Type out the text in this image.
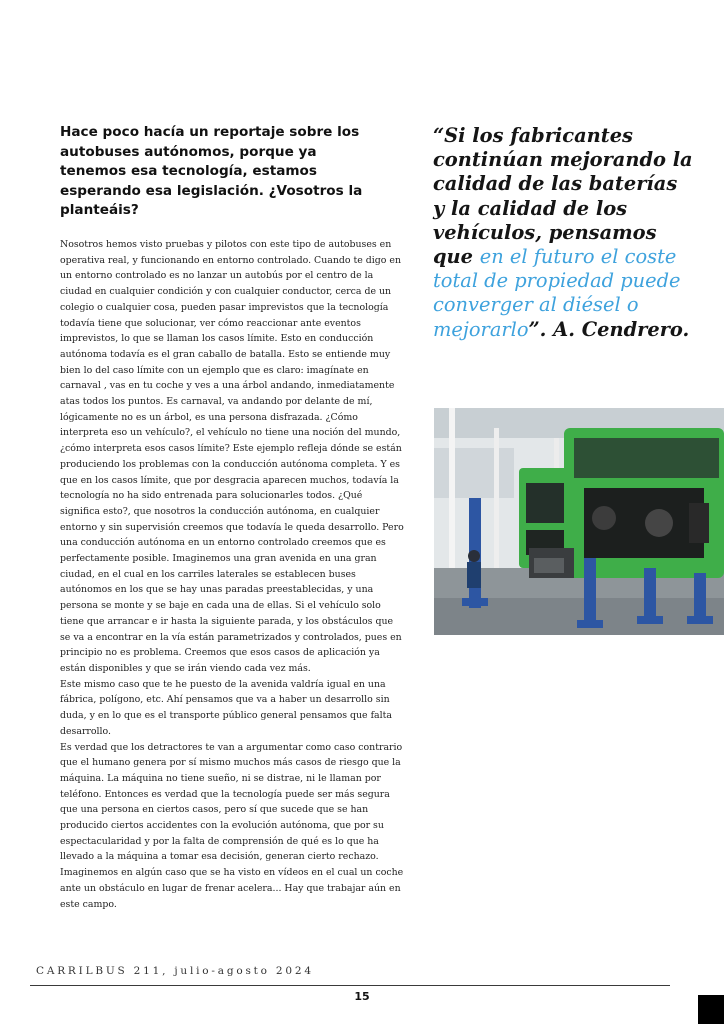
Hace poco hacía un reportaje sobre los autobuses autónomos, porque ya tenemos esa tecnología, estamos esperando esa legislación. ¿Vosotros la planteáis?

Nosotros hemos visto pruebas y pilotos con este tipo de autobuses en operativa real, y funcionando en entorno controlado. Cuando te digo en un entorno controlado es no lanzar un autobús por el centro de la ciudad en cualquier condición y con cualquier conductor, cerca de un colegio o cualquier cosa, pueden pasar imprevistos que la tecnología todavía tiene que solucionar, ver cómo reaccionar ante eventos imprevistos, lo que se llaman los casos límite. Esto en conducción autónoma todavía es el gran caballo de batalla. Esto se entiende muy bien lo del caso límite con un ejemplo que es claro: imagínate en carnaval , vas en tu coche y ves a una árbol andando, inmediatamente atas todos los puntos. Es carnaval, va andando por delante de mí, lógicamente no es un árbol, es una persona disfrazada. ¿Cómo interpreta eso un vehículo?, el vehículo no tiene una noción del mundo, ¿cómo interpreta esos casos límite? Este ejemplo refleja dónde se están produciendo los problemas con la conducción autónoma completa. Y es que en los casos límite, que por desgracia aparecen muchos, todavía la tecnología no ha sido entrenada para solucionarles todos. ¿Qué significa esto?, que nosotros la conducción autónoma, en cualquier entorno y sin supervisión creemos que todavía le queda desarrollo. Pero una conducción autónoma en un entorno controlado creemos que es perfectamente posible. Imaginemos una gran avenida en una gran ciudad, en el cual en los carriles laterales se establecen buses autónomos en los que se hay unas paradas preestablecidas, y una persona se monte y se baje en cada una de ellas. Si el vehículo solo tiene que arrancar e ir hasta la siguiente parada, y los obstáculos que se va a encontrar en la vía están parametrizados y controlados, pues en principio no es problema. Creemos que esos casos de aplicación ya están disponibles y que se irán viendo cada vez más.

Este mismo caso que te he puesto de la avenida valdría igual en una fábrica, polígono, etc. Ahí pensamos que va a haber un desarrollo sin duda, y en lo que es el transporte público general pensamos que falta desarrollo.

Es verdad que los detractores te van a argumentar como caso contrario que el humano genera por sí mismo muchos más casos de riesgo que la máquina. La máquina no tiene sueño, ni se distrae, ni le llaman por teléfono. Entonces es verdad que la tecnología puede ser más segura que una persona en ciertos casos, pero sí que sucede que se han producido ciertos accidentes con la evolución autónoma, que por su espectacularidad y por la falta de comprensión de qué es lo que ha llevado a la máquina a tomar esa decisión, generan cierto rechazo. Imaginemos en algún caso que se ha visto en vídeos en el cual un coche ante un obstáculo en lugar de frenar acelera... Hay que trabajar aún en este campo.

“Si los fabricantes continúan mejorando la calidad de las baterías y la calidad de los vehículos, pensamos que en el futuro el coste total de propiedad puede converger al diésel o mejorarlo”. A. Cendrero.
CARRILBUS 211, julio-agosto 2024
15
